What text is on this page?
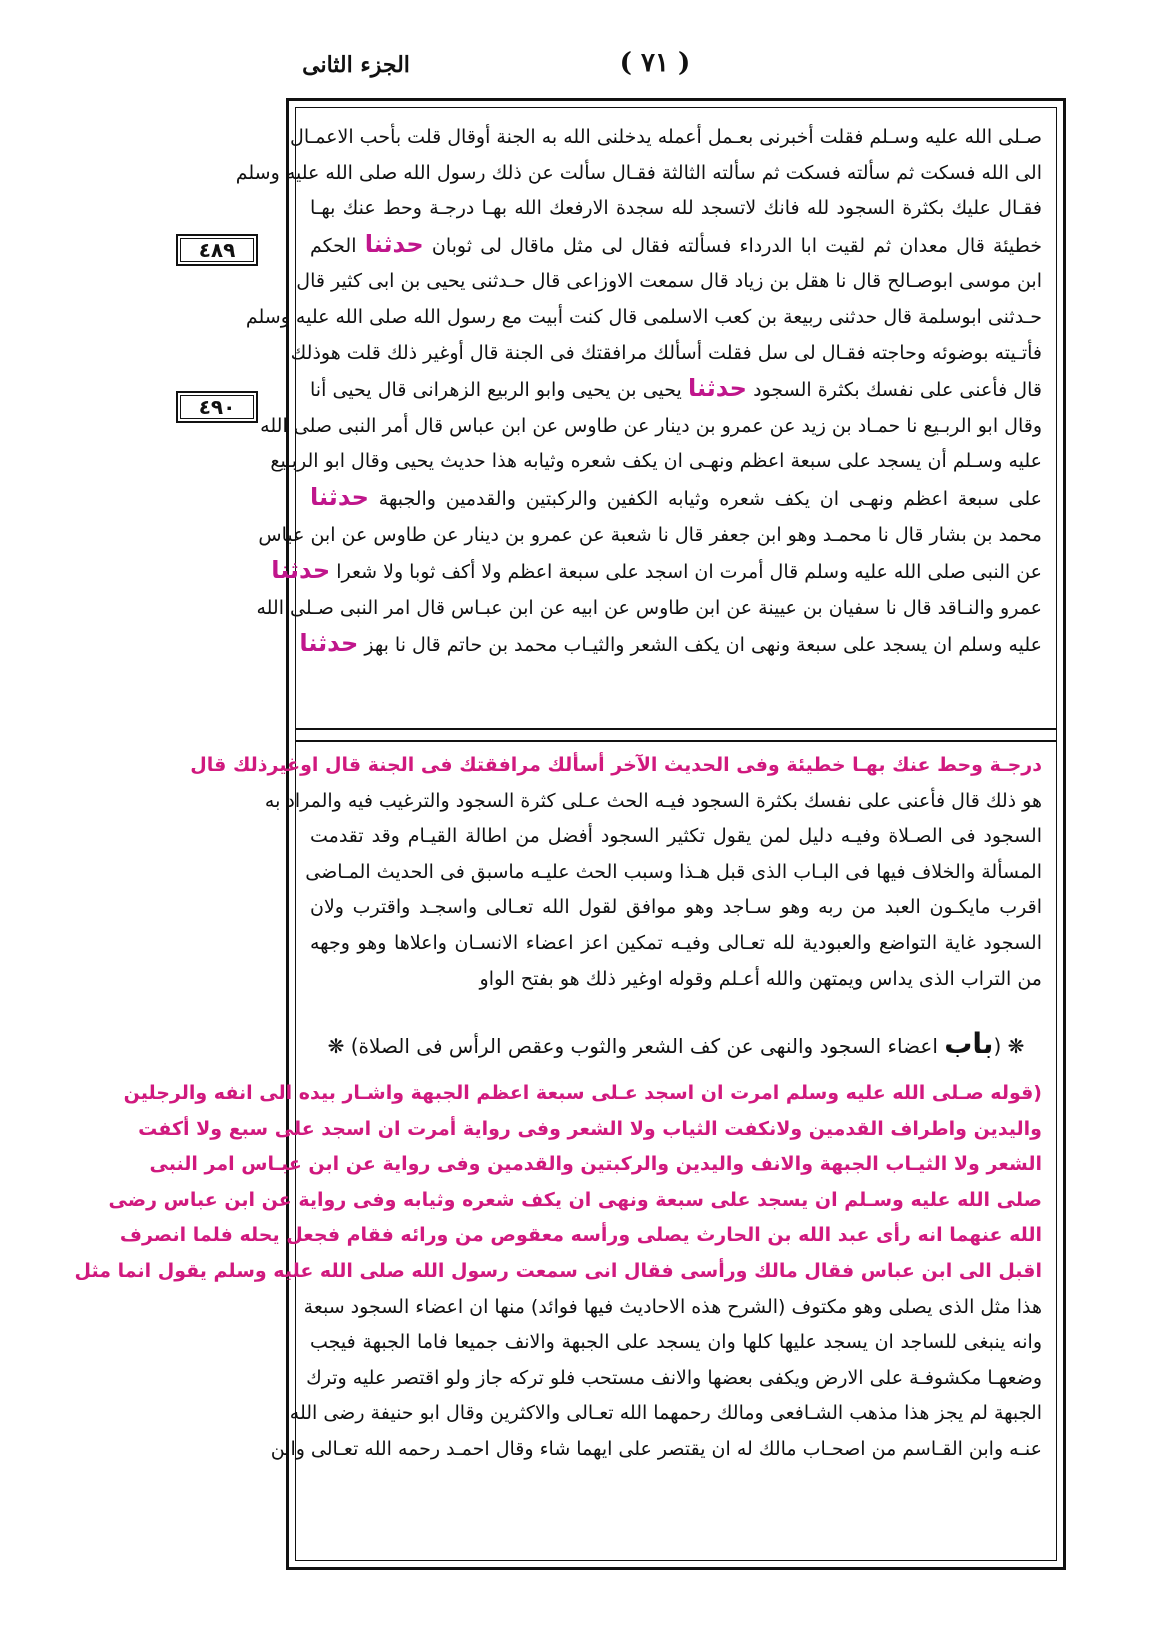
الجزء الثانى	( ٧١ )
٤٨٩
٤٩٠

صـلى الله عليه وسـلم فقلت أخبرنى بعـمل أعمله يدخلنى الله به الجنة أوقال قلت بأحب الاعمـال

الى الله فسكت ثم سألته فسكت ثم سألته الثالثة فقـال سألت عن ذلك رسول الله صلى الله عليه وسلم

فقـال عليك بكثرة السجود لله فانك لاتسجد لله سجدة الارفعك الله بهـا درجـة وحط عنك بهـا

خطيئة قال معدان ثم لقيت ابا الدرداء فسألته فقال لى مثل ماقال لى ثوبان حدثنا الحكم

ابن موسى ابوصـالح قال نا هقل بن زياد قال سمعت الاوزاعى قال حـدثنى يحيى بن ابى كثير قال

حـدثنى ابوسلمة قال حدثنى ربيعة بن كعب الاسلمى قال كنت أبيت مع رسول الله صلى الله عليه وسلم

فأتـيته بوضوئه وحاجته فقـال لى سل فقلت أسألك مرافقتك فى الجنة قال أوغير ذلك قلت هوذلك

قال فأعنى على نفسك بكثرة السجود حدثنا يحيى بن يحيى وابو الربيع الزهرانى قال يحيى أنا

وقال ابو الربـيع نا حمـاد بن زيد عن عمرو بن دينار عن طاوس عن ابن عباس قال أمر النبى صلى الله

عليه وسـلم أن يسجد على سبعة اعظم ونهـى ان يكف شعره وثيابه هذا حديث يحيى وقال ابو الربـيع

على سبعة اعظم ونهـى ان يكف شعره وثيابه الكفين والركبتين والقدمين والجبهة حدثنا

محمد بن بشار قال نا محمـد وهو ابن جعفر قال نا شعبة عن عمرو بن دينار عن طاوس عن ابن عباس

عن النبى صلى الله عليه وسلم قال أمرت ان اسجد على سبعة اعظم ولا أكف ثوبا ولا شعرا حدثنا

عمرو والنـاقد قال نا سفيان بن عيينة عن ابن طاوس عن ابيه عن ابن عبـاس قال امر النبى صـلى الله

عليه وسلم ان يسجد على سبعة ونهى ان يكف الشعر والثيـاب محمد بن حاتم قال نا بهز حدثنا

درجـة وحط عنك بهـا خطيئة وفى الحديث الآخر أسألك مرافقتك فى الجنة قال اوغيرذلك قال

هو ذلك قال فأعنى على نفسك بكثرة السجود فيـه الحث عـلى كثرة السجود والترغيب فيه والمراد به

السجود فى الصـلاة وفيـه دليل لمن يقول تكثير السجود أفضل من اطالة القيـام وقد تقدمت

المسألة والخلاف فيها فى البـاب الذى قبل هـذا وسبب الحث عليـه ماسبق فى الحديث المـاضى

اقرب مايكـون العبد من ربه وهو سـاجد وهو موافق لقول الله تعـالى واسجـد واقترب ولان

السجود غاية التواضع والعبودية لله تعـالى وفيـه تمكين اعز اعضاء الانسـان واعلاها وهو وجهه

من التراب الذى يداس ويمتهن والله أعـلم وقوله اوغير ذلك هو بفتح الواو

❋ (باب اعضاء السجود والنهى عن كف الشعر والثوب وعقص الرأس فى الصلاة) ❋

(قوله صـلى الله عليه وسلم امرت ان اسجد عـلى سبعة اعظم الجبهة واشـار بيده الى انفه والرجلين

واليدين واطراف القدمين ولانكفت الثياب ولا الشعر وفى رواية أمرت ان اسجد على سبع ولا أكفت

الشعر ولا الثيـاب الجبهة والانف واليدين والركبتين والقدمين وفى رواية عن ابن عبـاس امر النبى

صلى الله عليه وسـلم ان يسجد على سبعة ونهى ان يكف شعره وثيابه وفى رواية عن ابن عباس رضى

الله عنهما انه رأى عبد الله بن الحارث يصلى ورأسه معقوص من ورائه فقام فجعل يحله فلما انصرف

اقبل الى ابن عباس فقال مالك ورأسى فقال انى سمعت رسول الله صلى الله عليه وسلم يقول انما مثل

هذا مثل الذى يصلى وهو مكتوف (الشرح هذه الاحاديث فيها فوائد) منها ان اعضاء السجود سبعة

وانه ينبغى للساجد ان يسجد عليها كلها وان يسجد على الجبهة والانف جميعا فاما الجبهة فيجب

وضعهـا مكشوفـة على الارض ويكفى بعضها والانف مستحب فلو تركه جاز ولو اقتصر عليه وترك

الجبهة لم يجز هذا مذهب الشـافعى ومالك رحمهما الله تعـالى والاكثرين وقال ابو حنيفة رضى الله

عنـه وابن القـاسم من اصحـاب مالك له ان يقتصر على ايهما شاء وقال احمـد رحمه الله تعـالى وابن
